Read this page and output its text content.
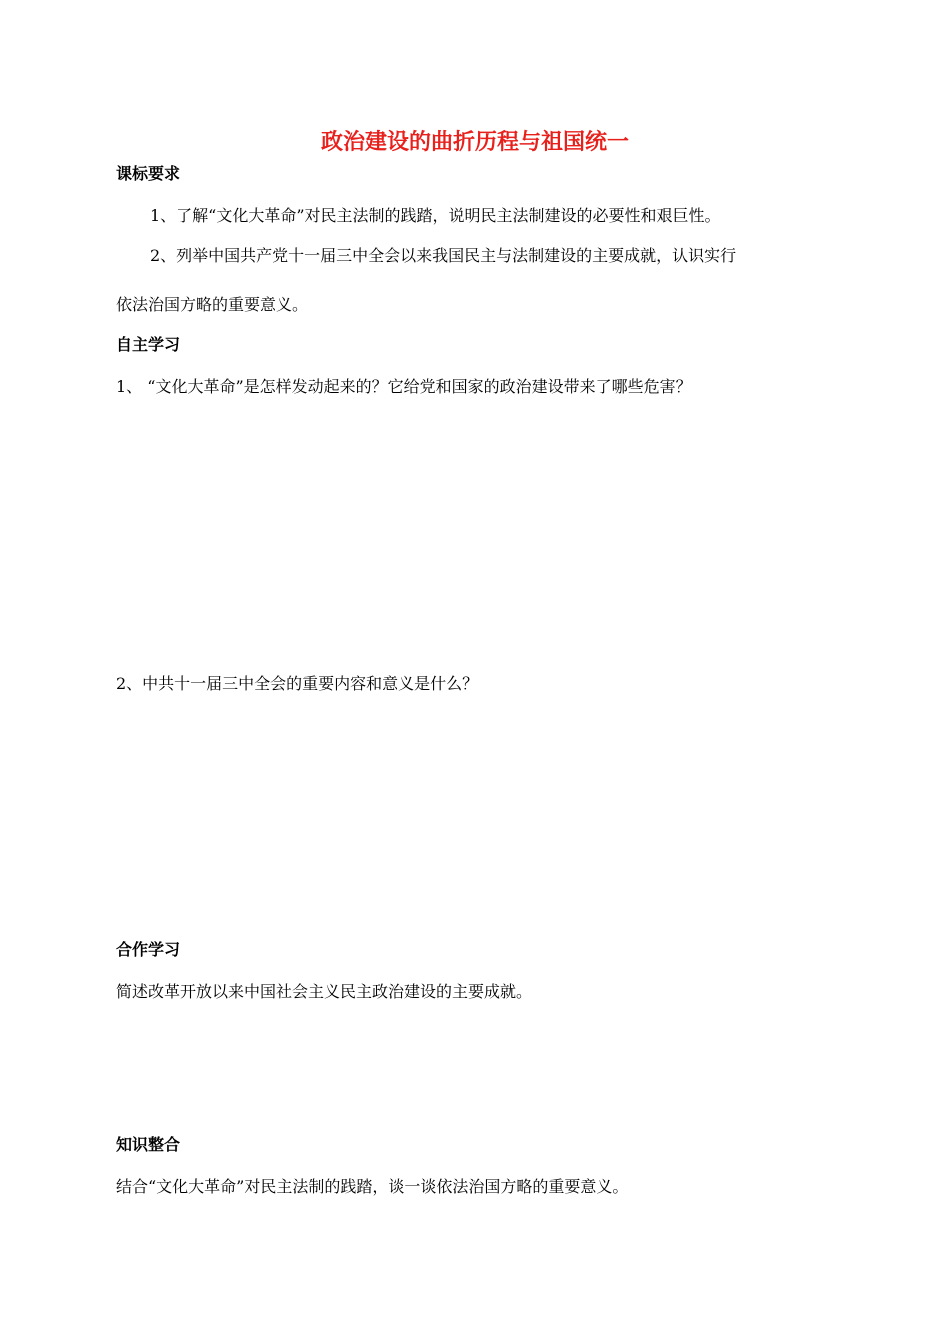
政治建设的曲折历程与祖国统一
课标要求
1、了解“文化大革命”对民主法制的践踏，说明民主法制建设的必要性和艰巨性。
2、列举中国共产党十一届三中全会以来我国民主与法制建设的主要成就，认识实行
依法治国方略的重要意义。
自主学习
1、 “文化大革命”是怎样发动起来的？它给党和国家的政治建设带来了哪些危害？
2、中共十一届三中全会的重要内容和意义是什么？
合作学习
简述改革开放以来中国社会主义民主政治建设的主要成就。
知识整合
结合“文化大革命”对民主法制的践踏，谈一谈依法治国方略的重要意义。
